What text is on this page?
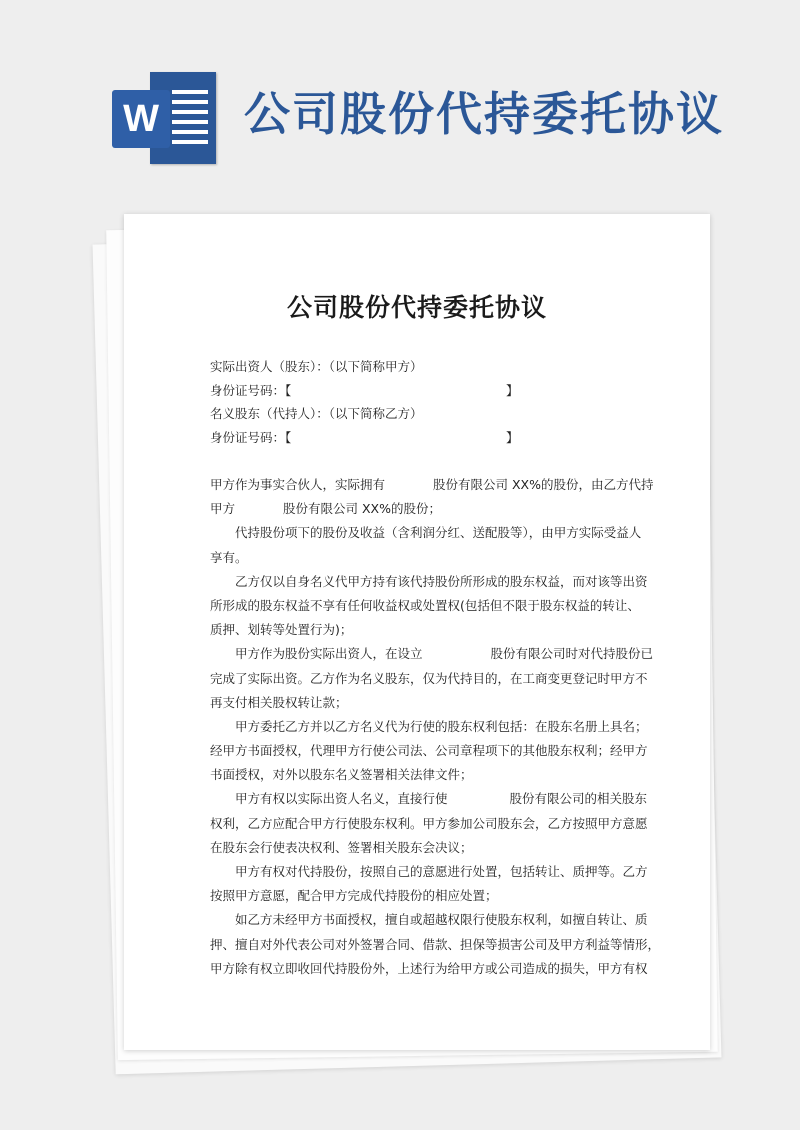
W 公司股份代持委托协议
公司股份代持委托协议
实际出资人（股东）：（以下简称甲方）
身份证号码：【	】
名义股东（代持人）：（以下简称乙方）
身份证号码：【	】
甲方作为事实合伙人，实际拥有	股份有限公司 XX%的股份，由乙方代持
甲方	股份有限公司 XX%的股份；
　　代持股份项下的股份及收益（含利润分红、送配股等），由甲方实际受益人
享有。
　　乙方仅以自身名义代甲方持有该代持股份所形成的股东权益，而对该等出资
所形成的股东权益不享有任何收益权或处置权(包括但不限于股东权益的转让、
质押、划转等处置行为)；
　　甲方作为股份实际出资人，在设立	股份有限公司时对代持股份已
完成了实际出资。乙方作为名义股东，仅为代持目的，在工商变更登记时甲方不
再支付相关股权转让款；
　　甲方委托乙方并以乙方名义代为行使的股东权利包括：在股东名册上具名；
经甲方书面授权，代理甲方行使公司法、公司章程项下的其他股东权利；经甲方
书面授权，对外以股东名义签署相关法律文件；
　　甲方有权以实际出资人名义，直接行使	股份有限公司的相关股东
权利，乙方应配合甲方行使股东权利。甲方参加公司股东会，乙方按照甲方意愿
在股东会行使表决权利、签署相关股东会决议；
　　甲方有权对代持股份，按照自己的意愿进行处置，包括转让、质押等。乙方
按照甲方意愿，配合甲方完成代持股份的相应处置；
　　如乙方未经甲方书面授权，擅自或超越权限行使股东权利，如擅自转让、质
押、擅自对外代表公司对外签署合同、借款、担保等损害公司及甲方利益等情形，
甲方除有权立即收回代持股份外，上述行为给甲方或公司造成的损失，甲方有权
